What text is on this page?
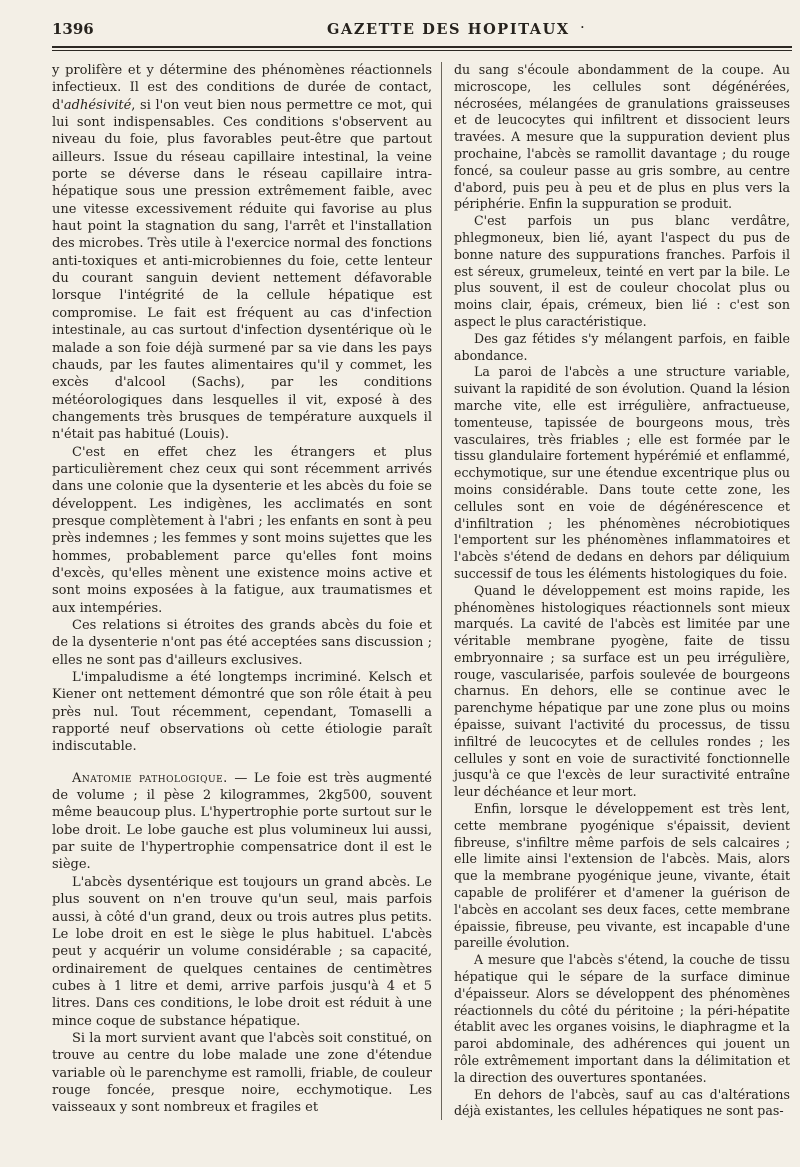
1396	GAZETTE DES HOPITAUX ·

y prolifère et y détermine des phénomènes réactionnels infectieux. Il est des conditions de durée de contact, d'adhésivité, si l'on veut bien nous permettre ce mot, qui lui sont indispensables. Ces conditions s'observent au niveau du foie, plus favorables peut-être que partout ailleurs. Issue du réseau capillaire intestinal, la veine porte se déverse dans le réseau capillaire intra-hépatique sous une pression extrêmement faible, avec une vitesse excessivement réduite qui favorise au plus haut point la stagnation du sang, l'arrêt et l'installation des microbes. Très utile à l'exercice normal des fonctions anti-toxiques et anti-microbiennes du foie, cette lenteur du courant sanguin devient nettement défavorable lorsque l'intégrité de la cellule hépatique est compromise. Le fait est fréquent au cas d'infection intestinale, au cas surtout d'infection dysentérique où le malade a son foie déjà surmené par sa vie dans les pays chauds, par les fautes alimentaires qu'il y commet, les excès d'alcool (Sachs), par les conditions météorologiques dans lesquelles il vit, exposé à des changements très brusques de température auxquels il n'était pas habitué (Louis).

C'est en effet chez les étrangers et plus particulièrement chez ceux qui sont récemment arrivés dans une colonie que la dysenterie et les abcès du foie se développent. Les indigènes, les acclimatés en sont presque complètement à l'abri ; les enfants en sont à peu près indemnes ; les femmes y sont moins sujettes que les hommes, probablement parce qu'elles font moins d'excès, qu'elles mènent une existence moins active et sont moins exposées à la fatigue, aux traumatismes et aux intempéries.

Ces relations si étroites des grands abcès du foie et de la dysenterie n'ont pas été acceptées sans discussion ; elles ne sont pas d'ailleurs exclusives.

L'impaludisme a été longtemps incriminé. Kelsch et Kiener ont nettement démontré que son rôle était à peu près nul. Tout récemment, cependant, Tomaselli a rapporté neuf observations où cette étiologie paraît indiscutable.

Anatomie pathologique. — Le foie est très augmenté de volume ; il pèse 2 kilogrammes, 2kg500, souvent même beaucoup plus. L'hypertrophie porte surtout sur le lobe droit. Le lobe gauche est plus volumineux lui aussi, par suite de l'hypertrophie compensatrice dont il est le siège.

L'abcès dysentérique est toujours un grand abcès. Le plus souvent on n'en trouve qu'un seul, mais parfois aussi, à côté d'un grand, deux ou trois autres plus petits. Le lobe droit en est le siège le plus habituel. L'abcès peut y acquérir un volume considérable ; sa capacité, ordinairement de quelques centaines de centimètres cubes à 1 litre et demi, arrive parfois jusqu'à 4 et 5 litres. Dans ces conditions, le lobe droit est réduit à une mince coque de substance hépatique.

Si la mort survient avant que l'abcès soit constitué, on trouve au centre du lobe malade une zone d'étendue variable où le parenchyme est ramolli, friable, de couleur rouge foncée, presque noire, ecchymotique. Les vaisseaux y sont nombreux et fragiles et

du sang s'écoule abondamment de la coupe. Au microscope, les cellules sont dégénérées, nécrosées, mélangées de granulations graisseuses et de leucocytes qui infiltrent et dissocient leurs travées. A mesure que la suppuration devient plus prochaine, l'abcès se ramollit davantage ; du rouge foncé, sa couleur passe au gris sombre, au centre d'abord, puis peu à peu et de plus en plus vers la périphérie. Enfin la suppuration se produit.

C'est parfois un pus blanc verdâtre, phlegmoneux, bien lié, ayant l'aspect du pus de bonne nature des suppurations franches. Parfois il est séreux, grumeleux, teinté en vert par la bile. Le plus souvent, il est de couleur chocolat plus ou moins clair, épais, crémeux, bien lié : c'est son aspect le plus caractéristique.

Des gaz fétides s'y mélangent parfois, en faible abondance.

La paroi de l'abcès a une structure variable, suivant la rapidité de son évolution. Quand la lésion marche vite, elle est irrégulière, anfractueuse, tomenteuse, tapissée de bourgeons mous, très vasculaires, très friables ; elle est formée par le tissu glandulaire fortement hypérémié et enflammé, ecchymotique, sur une étendue excentrique plus ou moins considérable. Dans toute cette zone, les cellules sont en voie de dégénérescence et d'infiltration ; les phénomènes nécrobiotiques l'emportent sur les phénomènes inflammatoires et l'abcès s'étend de dedans en dehors par déliquium successif de tous les éléments histologiques du foie.

Quand le développement est moins rapide, les phénomènes histologiques réactionnels sont mieux marqués. La cavité de l'abcès est limitée par une véritable membrane pyogène, faite de tissu embryonnaire ; sa surface est un peu irrégulière, rouge, vascularisée, parfois soulevée de bourgeons charnus. En dehors, elle se continue avec le parenchyme hépatique par une zone plus ou moins épaisse, suivant l'activité du processus, de tissu infiltré de leucocytes et de cellules rondes ; les cellules y sont en voie de suractivité fonctionnelle jusqu'à ce que l'excès de leur suractivité entraîne leur déchéance et leur mort.

Enfin, lorsque le développement est très lent, cette membrane pyogénique s'épaissit, devient fibreuse, s'infiltre même parfois de sels calcaires ; elle limite ainsi l'extension de l'abcès. Mais, alors que la membrane pyogénique jeune, vivante, était capable de proliférer et d'amener la guérison de l'abcès en accolant ses deux faces, cette membrane épaissie, fibreuse, peu vivante, est incapable d'une pareille évolution.

A mesure que l'abcès s'étend, la couche de tissu hépatique qui le sépare de la surface diminue d'épaisseur. Alors se développent des phénomènes réactionnels du côté du péritoine ; la péri-hépatite établit avec les organes voisins, le diaphragme et la paroi abdominale, des adhérences qui jouent un rôle extrêmement important dans la délimitation et la direction des ouvertures spontanées.

En dehors de l'abcès, sauf au cas d'altérations déjà existantes, les cellules hépatiques ne sont pas-
